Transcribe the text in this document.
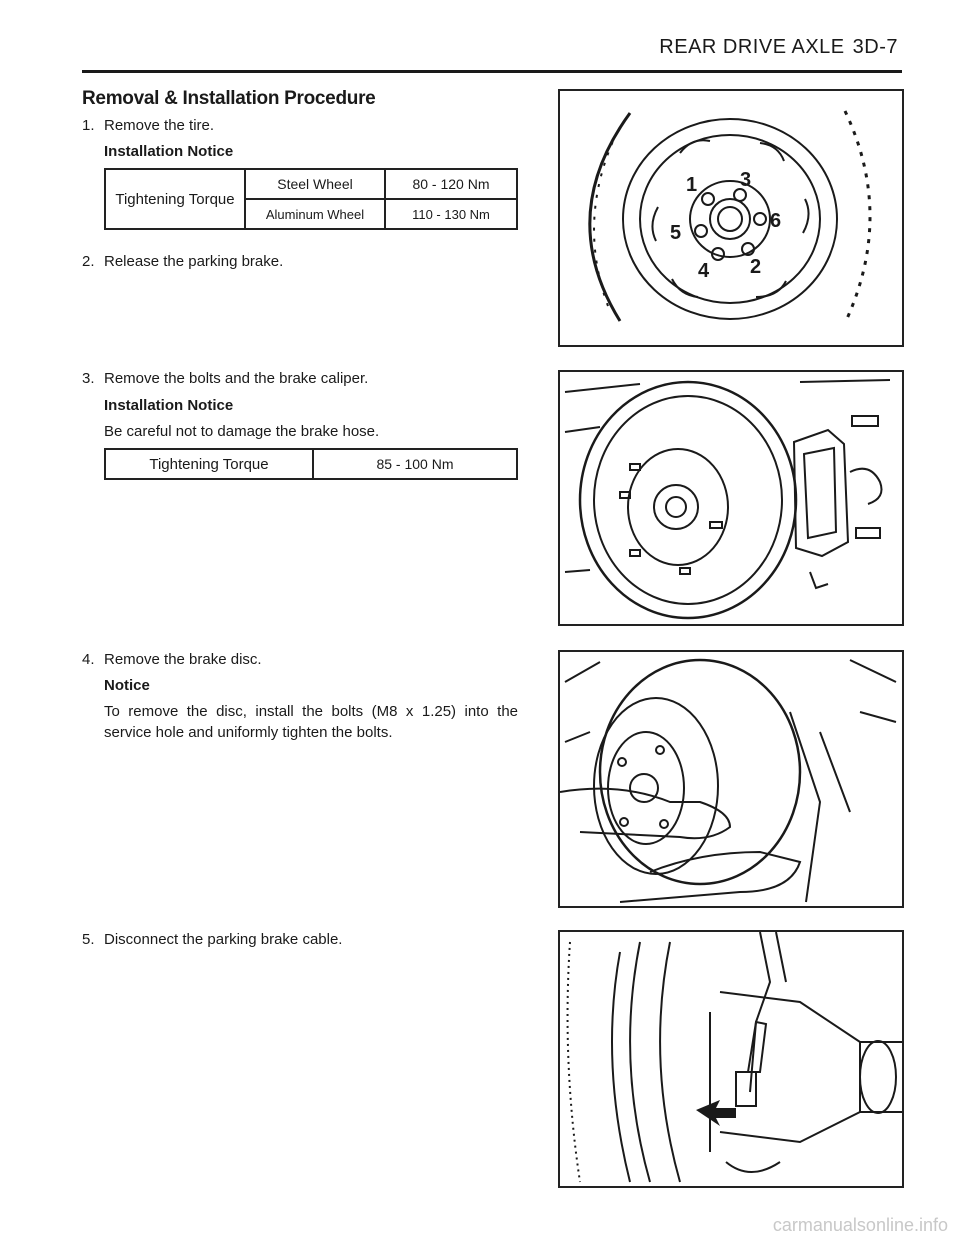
REAR DRIVE AXLE 3D-7
Removal & Installation Procedure
1. Remove the tire.
Installation Notice
Tightening Torque	Steel Wheel	80 - 120 Nm
	Aluminum Wheel	110 - 130 Nm
2. Release the parking brake.
3. Remove the bolts and the brake caliper.
Installation Notice
Be careful not to damage the brake hose.
Tightening Torque	85 - 100 Nm
4. Remove the brake disc.
Notice
To remove the disc, install the bolts (M8 x 1.25) into the service hole and uniformly tighten the bolts.
5. Disconnect the parking brake cable.
1 3
6
5
4 2
carmanualsonline.info
